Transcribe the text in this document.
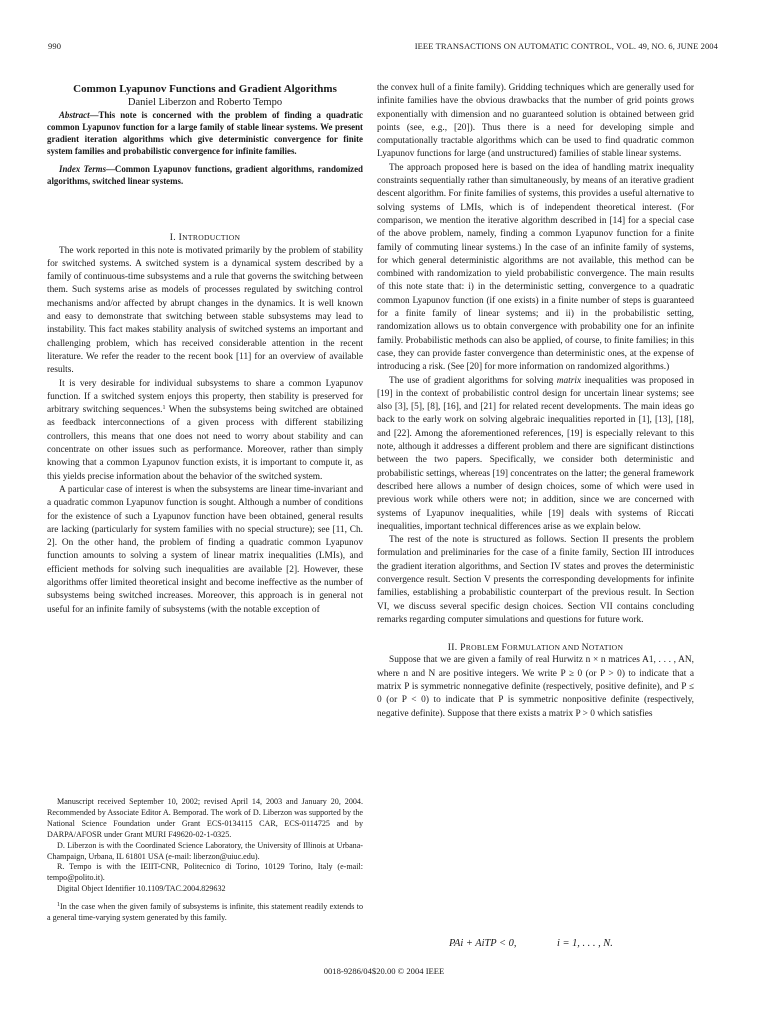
990	IEEE TRANSACTIONS ON AUTOMATIC CONTROL, VOL. 49, NO. 6, JUNE 2004

Common Lyapunov Functions and Gradient Algorithms

Daniel Liberzon and Roberto Tempo

Abstract—This note is concerned with the problem of finding a quadratic common Lyapunov function for a large family of stable linear systems. We present gradient iteration algorithms which give deterministic convergence for finite system families and probabilistic convergence for infinite families.

Index Terms—Common Lyapunov functions, gradient algorithms, randomized algorithms, switched linear systems.

I. INTRODUCTION

The work reported in this note is motivated primarily by the problem of stability for switched systems. A switched system is a dynamical system described by a family of continuous-time subsystems and a rule that governs the switching between them. Such systems arise as models of processes regulated by switching control mechanisms and/or affected by abrupt changes in the dynamics. It is well known and easy to demonstrate that switching between stable subsystems may lead to instability. This fact makes stability analysis of switched systems an important and challenging problem, which has received considerable attention in the recent literature. We refer the reader to the recent book [11] for an overview of available results.

It is very desirable for individual subsystems to share a common Lyapunov function. If a switched system enjoys this property, then stability is preserved for arbitrary switching sequences.$^1$ When the subsystems being switched are obtained as feedback interconnections of a given process with different stabilizing controllers, this means that one does not need to worry about stability and can concentrate on other issues such as performance. Moreover, rather than simply knowing that a common Lyapunov function exists, it is important to compute it, as this yields precise information about the behavior of the switched system.

A particular case of interest is when the subsystems are linear time-invariant and a quadratic common Lyapunov function is sought. Although a number of conditions for the existence of such a Lyapunov function have been obtained, general results are lacking (particularly for system families with no special structure); see [11, Ch. 2]. On the other hand, the problem of finding a quadratic common Lyapunov function amounts to solving a system of linear matrix inequalities (LMIs), and efficient methods for solving such inequalities are available [2]. However, these algorithms offer limited theoretical insight and become ineffective as the number of subsystems being switched increases. Moreover, this approach is in general not useful for an infinite family of subsystems (with the notable exception of

Manuscript received September 10, 2002; revised April 14, 2003 and January 20, 2004. Recommended by Associate Editor A. Bemporad. The work of D. Liberzon was supported by the National Science Foundation under Grant ECS-0134115 CAR, ECS-0114725 and by DARPA/AFOSR under Grant MURI F49620-02-1-0325.

D. Liberzon is with the Coordinated Science Laboratory, the University of Illinois at Urbana-Champaign, Urbana, IL 61801 USA (e-mail: liberzon@uiuc.edu).

R. Tempo is with the IEIIT-CNR, Politecnico di Torino, 10129 Torino, Italy (e-mail: tempo@polito.it).

Digital Object Identifier 10.1109/TAC.2004.829632

$^1$In the case when the given family of subsystems is infinite, this statement readily extends to a general time-varying system generated by this family.

the convex hull of a finite family). Gridding techniques which are generally used for infinite families have the obvious drawbacks that the number of grid points grows exponentially with dimension and no guaranteed solution is obtained between grid points (see, e.g., [20]). Thus there is a need for developing simple and computationally tractable algorithms which can be used to find quadratic common Lyapunov functions for large (and unstructured) families of stable linear systems.

The approach proposed here is based on the idea of handling matrix inequality constraints sequentially rather than simultaneously, by means of an iterative gradient descent algorithm. For finite families of systems, this provides a useful alternative to solving systems of LMIs, which is of independent theoretical interest. (For comparison, we mention the iterative algorithm described in [14] for a special case of the above problem, namely, finding a common Lyapunov function for a finite family of commuting linear systems.) In the case of an infinite family of systems, for which general deterministic algorithms are not available, this method can be combined with randomization to yield probabilistic convergence. The main results of this note state that: i) in the deterministic setting, convergence to a quadratic common Lyapunov function (if one exists) in a finite number of steps is guaranteed for a finite family of linear systems; and ii) in the probabilistic setting, randomization allows us to obtain convergence with probability one for an infinite family. Probabilistic methods can also be applied, of course, to finite families; in this case, they can provide faster convergence than deterministic ones, at the expense of introducing a risk. (See [20] for more information on randomized algorithms.)

The use of gradient algorithms for solving matrix inequalities was proposed in [19] in the context of probabilistic control design for uncertain linear systems; see also [3], [5], [8], [16], and [21] for related recent developments. The main ideas go back to the early work on solving algebraic inequalities reported in [1], [13], [18], and [22]. Among the aforementioned references, [19] is especially relevant to this note, although it addresses a different problem and there are significant distinctions between the two papers. Specifically, we consider both deterministic and probabilistic settings, whereas [19] concentrates on the latter; the general framework described here allows a number of design choices, some of which were used in previous work while others were not; in addition, since we are concerned with systems of Lyapunov inequalities, while [19] deals with systems of Riccati inequalities, important technical differences arise as we explain below.

The rest of the note is structured as follows. Section II presents the problem formulation and preliminaries for the case of a finite family, Section III introduces the gradient iteration algorithms, and Section IV states and proves the deterministic convergence result. Section V presents the corresponding developments for infinite families, establishing a probabilistic counterpart of the previous result. In Section VI, we discuss several specific design choices. Section VII contains concluding remarks regarding computer simulations and questions for future work.

II. PROBLEM FORMULATION AND NOTATION

Suppose that we are given a family of real Hurwitz n × n matrices A1, . . . , AN, where n and N are positive integers. We write P ≥ 0 (or P > 0) to indicate that a matrix P is symmetric nonnegative definite (respectively, positive definite), and P ≤ 0 (or P < 0) to indicate that P is symmetric nonpositive definite (respectively, negative definite). Suppose that there exists a matrix P > 0 which satisfies

PAi + AiTP < 0,	i = 1, . . . , N.
0018-9286/04$20.00 © 2004 IEEE
